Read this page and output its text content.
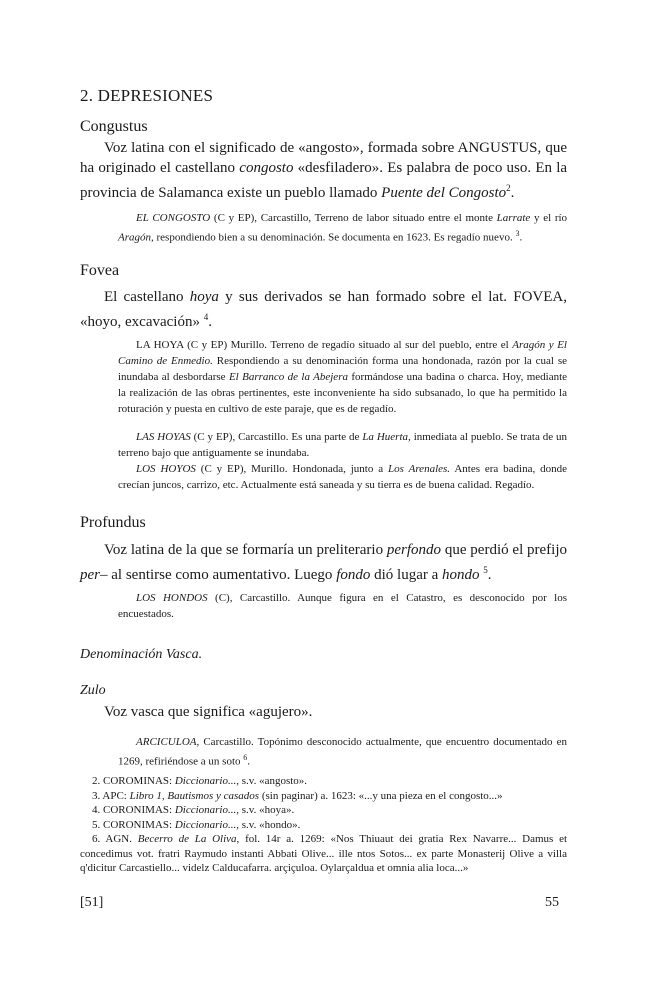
2. DEPRESIONES
Congustus
Voz latina con el significado de «angosto», formada sobre ANGUSTUS, que ha originado el castellano congosto «desfiladero». Es palabra de poco uso. En la provincia de Salamanca existe un pueblo llamado Puente del Congosto$^2$.
EL CONGOSTO (C y EP), Carcastillo, Terreno de labor situado entre el monte Larrate y el río Aragón, respondiendo bien a su denominación. Se documenta en 1623. Es regadío nuevo. $^3$.
Fovea
El castellano hoya y sus derivados se han formado sobre el lat. FOVEA, «hoyo, excavación» $^4$.
LA HOYA (C y EP) Murillo. Terreno de regadío situado al sur del pueblo, entre el Aragón y El Camino de Enmedio. Respondiendo a su denominación forma una hondonada, razón por la cual se inundaba al desbordarse El Barranco de la Abejera formándose una badina o charca. Hoy, mediante la realización de las obras pertinentes, este inconveniente ha sido subsanado, lo que ha permitido la roturación y puesta en cultivo de este paraje, que es de regadío.
LAS HOYAS (C y EP), Carcastillo. Es una parte de La Huerta, inmediata al pueblo. Se trata de un terreno bajo que antiguamente se inundaba.
LOS HOYOS (C y EP), Murillo. Hondonada, junto a Los Arenales. Antes era badina, donde crecían juncos, carrizo, etc. Actualmente está saneada y su tierra es de buena calidad. Regadío.
Profundus
Voz latina de la que se formaría un preliterario perfondo que perdió el prefijo per– al sentirse como aumentativo. Luego fondo dió lugar a hondo $^5$.
LOS HONDOS (C), Carcastillo. Aunque figura en el Catastro, es desconocido por los encuestados.
Denominación Vasca.
Zulo
Voz vasca que significa «agujero».
ARCICULOA, Carcastillo. Topónimo desconocido actualmente, que encuentro documentado en 1269, refiriéndose a un soto $^6$.
2. COROMINAS: Diccionario..., s.v. «angosto».
3. APC: Libro 1, Bautismos y casados (sin paginar) a. 1623: «...y una pieza en el congosto...»
4. CORONIMAS: Diccionario..., s.v. «hoya».
5. CORONIMAS: Diccionario..., s.v. «hondo».
6. AGN. Becerro de La Oliva, fol. 14r a. 1269: «Nos Thiuaut dei gratia Rex Navarre... Damus et concedimus vot. fratri Raymudo instanti Abbati Olive... ille ntos Sotos... ex parte Monasterij Olive a villa q'dicitur Carcastiello... videlz Calducafarra. arçiçuloa. Oylarçaldua et omnia alia loca...»
[51]	55
